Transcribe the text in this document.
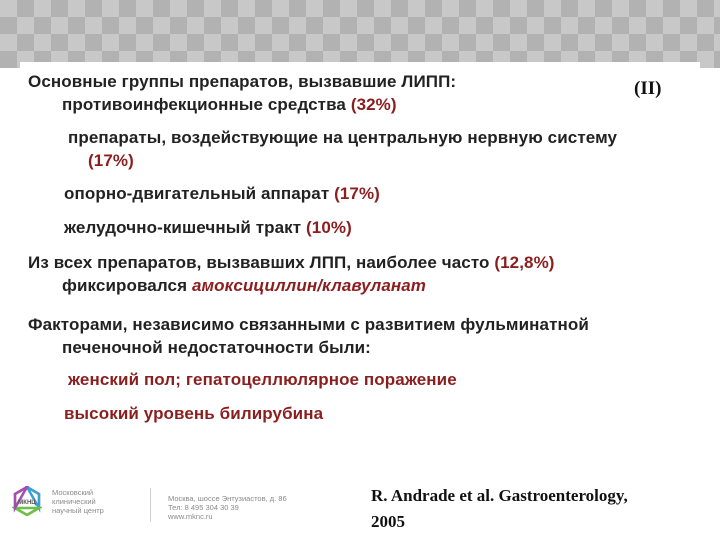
(II)
Основные группы препаратов, вызвавшие ЛИПП:
противоинфекционные средства (32%)
препараты, воздействующие на центральную нервную систему
(17%)
опорно-двигательный аппарат (17%)
желудочно-кишечный тракт (10%)
Из всех препаратов, вызвавших ЛПП, наиболее часто (12,8%)
фиксировался амоксициллин/клавуланат
Факторами, независимо связанными с развитием фульминатной
печеночной недостаточности были:
женский пол; гепатоцеллюлярное поражение
высокий уровень билирубина
МКНЦ
Московский
клинический
научный центр
Москва, шоссе Энтузиастов, д. 86
Тел: 8 495 304 30 39
www.mknc.ru
R. Andrade et al. Gastroenterology,
2005
